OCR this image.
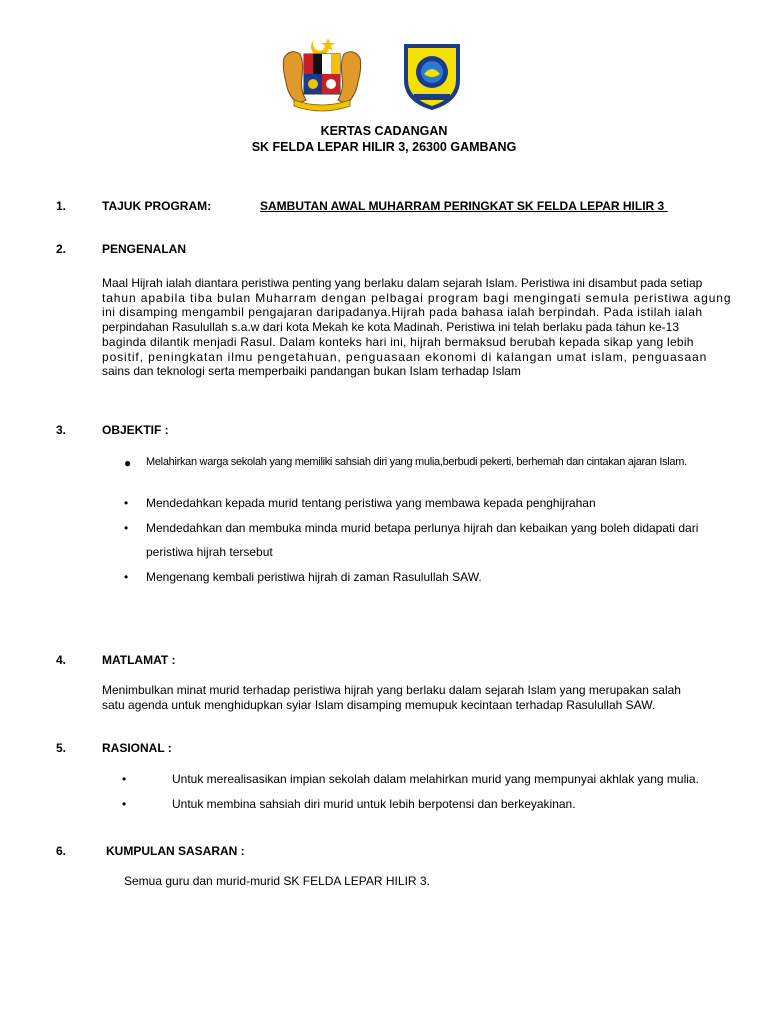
KERTAS CADANGAN
SK FELDA LEPAR HILIR 3, 26300 GAMBANG
1.	TAJUK PROGRAM:	SAMBUTAN AWAL MUHARRAM PERINGKAT SK FELDA LEPAR HILIR 3
2.	PENGENALAN
Maal Hijrah ialah diantara peristiwa penting yang berlaku dalam sejarah Islam. Peristiwa ini disambut pada setiap
tahun apabila tiba bulan Muharram dengan pelbagai program bagi mengingati semula peristiwa agung
ini disamping mengambil pengajaran daripadanya.Hijrah pada bahasa ialah berpindah. Pada istilah ialah
perpindahan Rasulullah s.a.w dari kota Mekah ke kota Madinah. Peristiwa ini telah berlaku pada tahun ke-13
baginda dilantik menjadi Rasul. Dalam konteks hari ini, hijrah bermaksud berubah kepada sikap yang lebih
positif, peningkatan ilmu pengetahuan, penguasaan ekonomi di kalangan umat islam, penguasaan
sains dan teknologi serta memperbaiki pandangan bukan Islam terhadap Islam
3.	OBJEKTIF :
● Melahirkan warga sekolah yang memiliki sahsiah diri yang mulia,berbudi pekerti, berhemah dan cintakan ajaran Islam.
• Mendedahkan kepada murid tentang peristiwa yang membawa kepada penghijrahan
• Mendedahkan dan membuka minda murid betapa perlunya hijrah dan kebaikan yang boleh didapati dari peristiwa hijrah tersebut
• Mengenang kembali peristiwa hijrah di zaman Rasulullah SAW.
4.	MATLAMAT :
Menimbulkan minat murid terhadap peristiwa hijrah yang berlaku dalam sejarah Islam yang merupakan salah
satu agenda untuk menghidupkan syiar Islam disamping memupuk kecintaan terhadap Rasulullah SAW.
5.	RASIONAL :
•	Untuk merealisasikan impian sekolah dalam melahirkan murid yang mempunyai akhlak yang mulia.
•	Untuk membina sahsiah diri murid untuk lebih berpotensi dan berkeyakinan.
6.	KUMPULAN SASARAN :
Semua guru dan murid-murid SK FELDA LEPAR HILIR 3.
